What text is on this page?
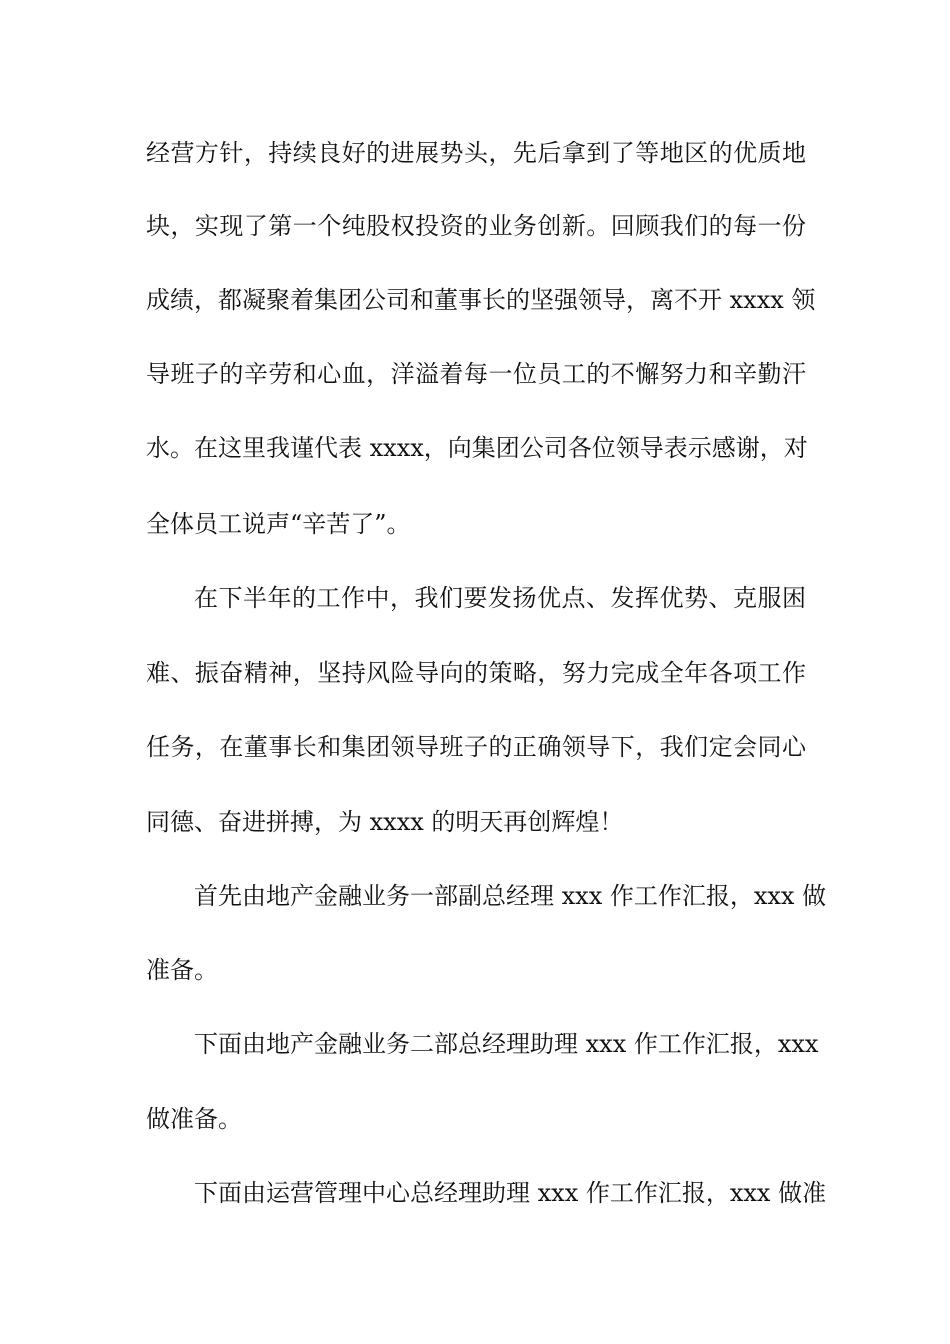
经营方针，持续良好的进展势头，先后拿到了等地区的优质地
块，实现了第一个纯股权投资的业务创新。回顾我们的每一份
成绩，都凝聚着集团公司和董事长的坚强领导，离不开 xxxx 领
导班子的辛劳和心血，洋溢着每一位员工的不懈努力和辛勤汗
水。在这里我谨代表 xxxx，向集团公司各位领导表示感谢，对
全体员工说声“辛苦了”。
在下半年的工作中，我们要发扬优点、发挥优势、克服困
难、振奋精神，坚持风险导向的策略，努力完成全年各项工作
任务，在董事长和集团领导班子的正确领导下，我们定会同心
同德、奋进拼搏，为 xxxx 的明天再创辉煌！
首先由地产金融业务一部副总经理 xxx 作工作汇报，xxx 做
准备。
下面由地产金融业务二部总经理助理 xxx 作工作汇报，xxx
做准备。
下面由运营管理中心总经理助理 xxx 作工作汇报，xxx 做准
